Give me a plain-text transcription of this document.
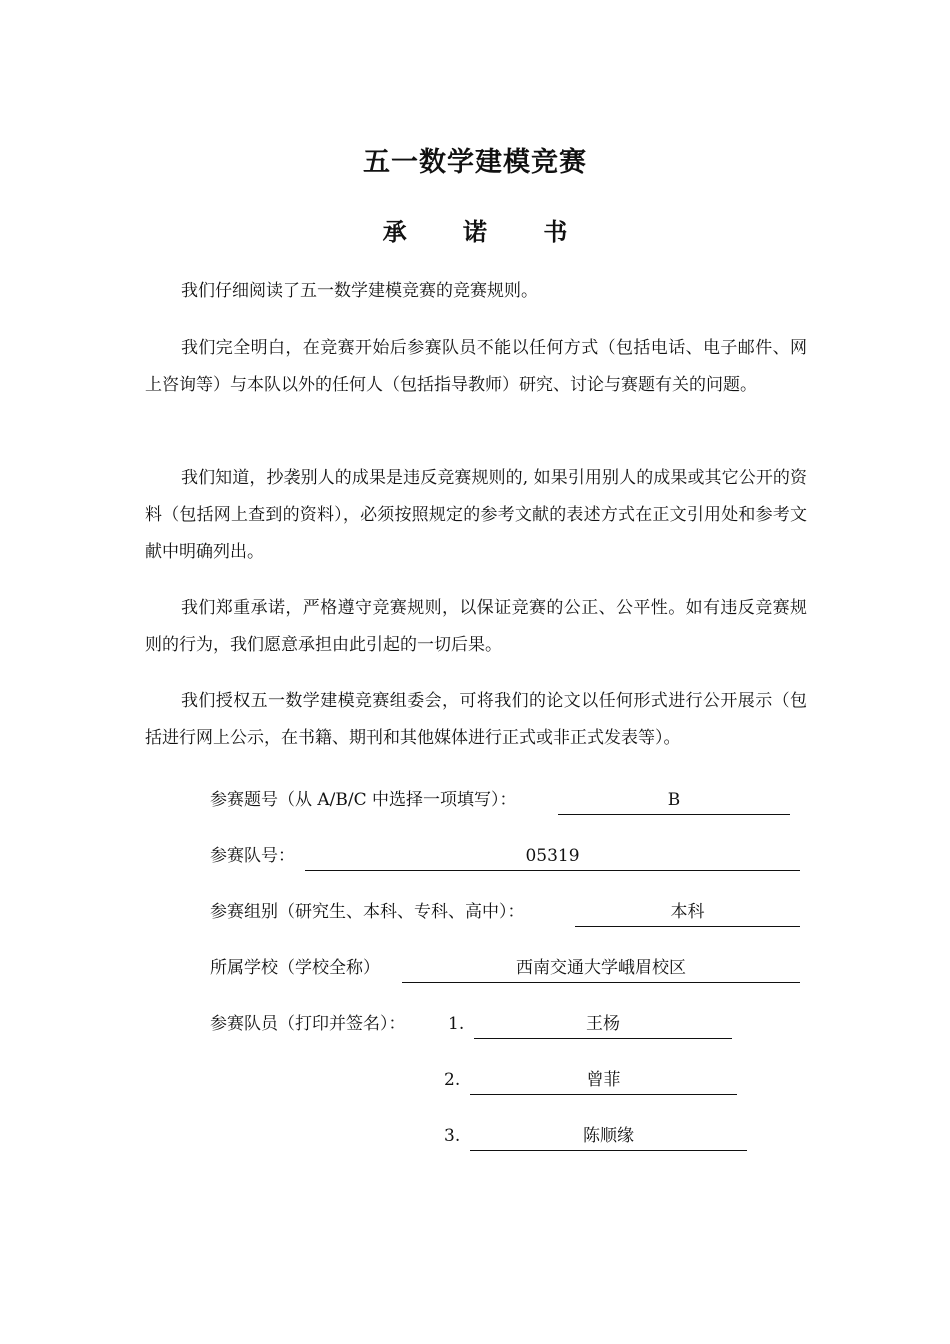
五一数学建模竞赛
承 诺 书

我们仔细阅读了五一数学建模竞赛的竞赛规则。

我们完全明白，在竞赛开始后参赛队员不能以任何方式（包括电话、电子邮件、网上咨询等）与本队以外的任何人（包括指导教师）研究、讨论与赛题有关的问题。

我们知道，抄袭别人的成果是违反竞赛规则的, 如果引用别人的成果或其它公开的资料（包括网上查到的资料），必须按照规定的参考文献的表述方式在正文引用处和参考文献中明确列出。

我们郑重承诺，严格遵守竞赛规则，以保证竞赛的公正、公平性。如有违反竞赛规则的行为，我们愿意承担由此引起的一切后果。

我们授权五一数学建模竞赛组委会，可将我们的论文以任何形式进行公开展示（包括进行网上公示，在书籍、期刊和其他媒体进行正式或非正式发表等）。

参赛题号（从 A/B/C 中选择一项填写）：	B
参赛队号：	05319
参赛组别（研究生、本科、专科、高中）：	本科
所属学校（学校全称）	西南交通大学峨眉校区
参赛队员（打印并签名）：	1.	王杨
2.	曾菲
3.	陈顺缘
